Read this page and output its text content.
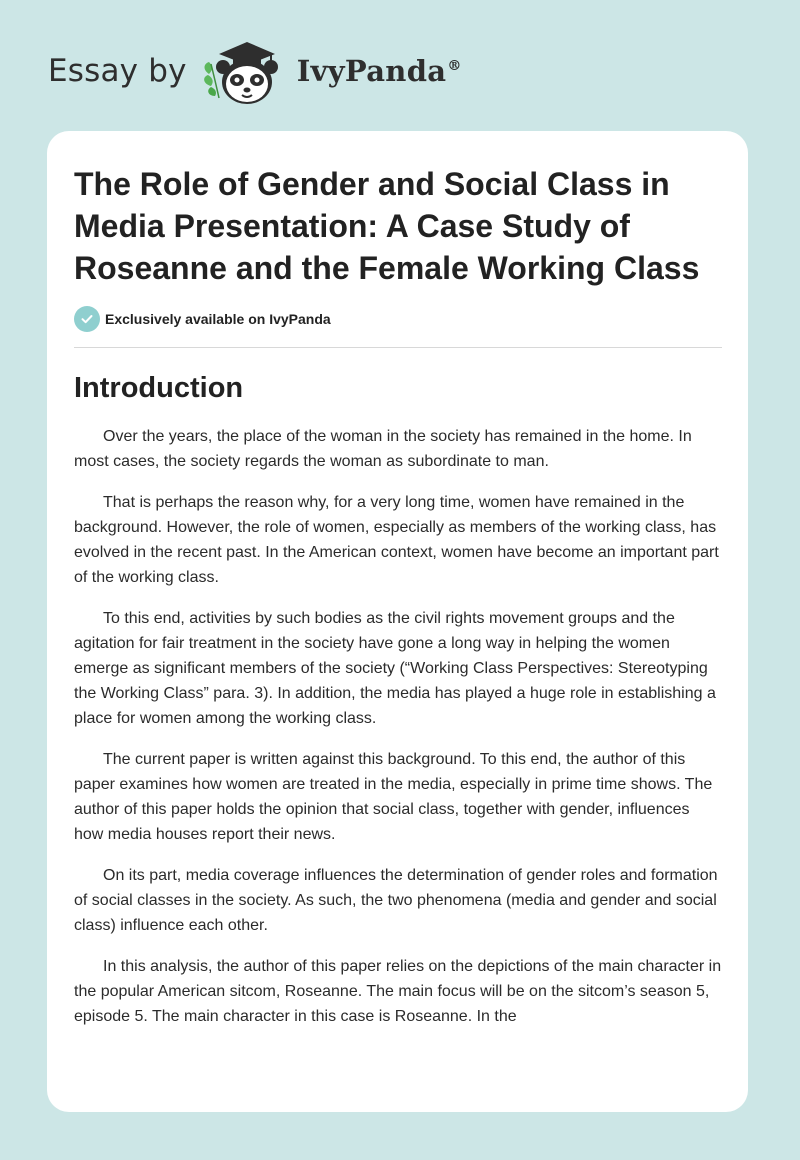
Essay by	IvyPanda®
The Role of Gender and Social Class in Media Presentation: A Case Study of Roseanne and the Female Working Class
Exclusively available on IvyPanda
Introduction

Over the years, the place of the woman in the society has remained in the home. In most cases, the society regards the woman as subordinate to man.

That is perhaps the reason why, for a very long time, women have remained in the background. However, the role of women, especially as members of the working class, has evolved in the recent past. In the American context, women have become an important part of the working class.

To this end, activities by such bodies as the civil rights movement groups and the agitation for fair treatment in the society have gone a long way in helping the women emerge as significant members of the society (“Working Class Perspectives: Stereotyping the Working Class” para. 3). In addition, the media has played a huge role in establishing a place for women among the working class.

The current paper is written against this background. To this end, the author of this paper examines how women are treated in the media, especially in prime time shows. The author of this paper holds the opinion that social class, together with gender, influences how media houses report their news.

On its part, media coverage influences the determination of gender roles and formation of social classes in the society. As such, the two phenomena (media and gender and social class) influence each other.

In this analysis, the author of this paper relies on the depictions of the main character in the popular American sitcom, Roseanne. The main focus will be on the sitcom’s season 5, episode 5. The main character in this case is Roseanne. In the
